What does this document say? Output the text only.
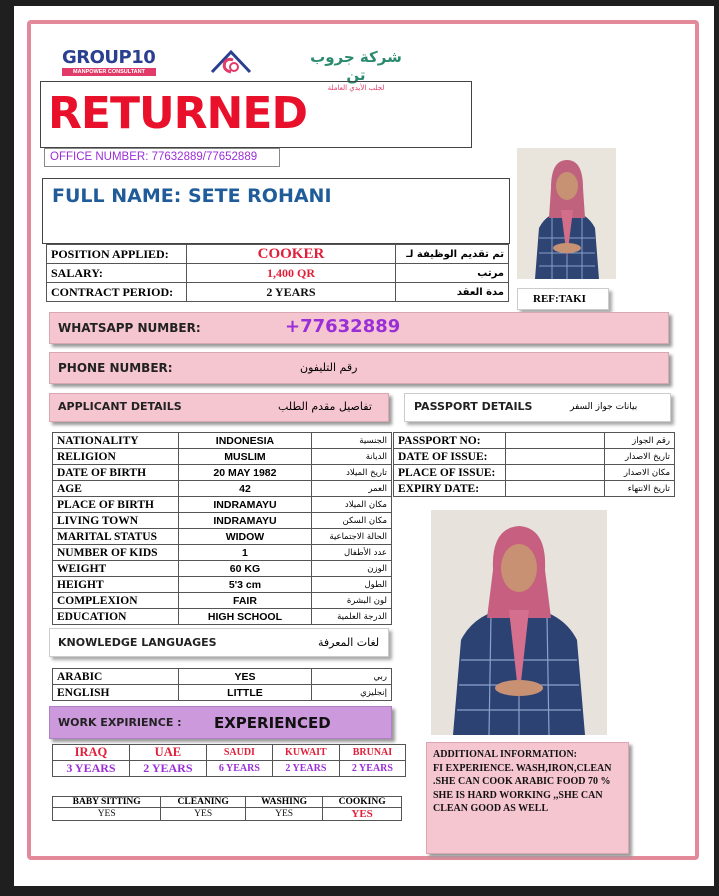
GROUP10
MANPOWER CONSULTANT
شركة جروب تن
لجلب الأيدي العاملة
RETURNED
OFFICE NUMBER: 77632889/77652889
FULL NAME: SETE ROHANI
POSITION APPLIED:	COOKER	تم تقديم الوظيفة لـ
SALARY:	1,400 QR	مرتب
CONTRACT PERIOD:	2 YEARS	مدة العقد
REF:TAKI
WHATSAPP NUMBER:	+77632889
PHONE NUMBER:	رقم التليفون
APPLICANT DETAILS	تفاصيل مقدم الطلب	PASSPORT DETAILS	بيانات جواز السفر
NATIONALITY	INDONESIA	الجنسية
RELIGION	MUSLIM	الديانة
DATE OF BIRTH	20 MAY 1982	تاريخ الميلاد
AGE	42	العمر
PLACE OF BIRTH	INDRAMAYU	مكان الميلاد
LIVING TOWN	INDRAMAYU	مكان السكن
MARITAL STATUS	WIDOW	الحالة الاجتماعية
NUMBER OF KIDS	1	عدد الأطفال
WEIGHT	60 KG	الوزن
HEIGHT	5'3 cm	الطول
COMPLEXION	FAIR	لون البشرة
EDUCATION	HIGH SCHOOL	الدرجة العلمية
PASSPORT NO:		رقم الجواز
DATE OF ISSUE:		تاريخ الاصدار
PLACE OF ISSUE:		مكان الاصدار
EXPIRY DATE:		تاريخ الانتهاء
KNOWLEDGE LANGUAGES	لغات المعرفة
ARABIC	YES	ربي
ENGLISH	LITTLE	إنجليزي
WORK EXPIRIENCE : EXPERIENCED
IRAQ	UAE	SAUDI	KUWAIT	BRUNAI
3 YEARS	2 YEARS	6 YEARS	2 YEARS	2 YEARS
BABY SITTING	CLEANING	WASHING	COOKING
YES	YES	YES	YES
ADDITIONAL INFORMATION:
FI EXPERIENCE. WASH,IRON,CLEAN
.SHE CAN COOK ARABIC FOOD 70 %
SHE IS HARD WORKING ,,SHE CAN
CLEAN GOOD AS WELL
